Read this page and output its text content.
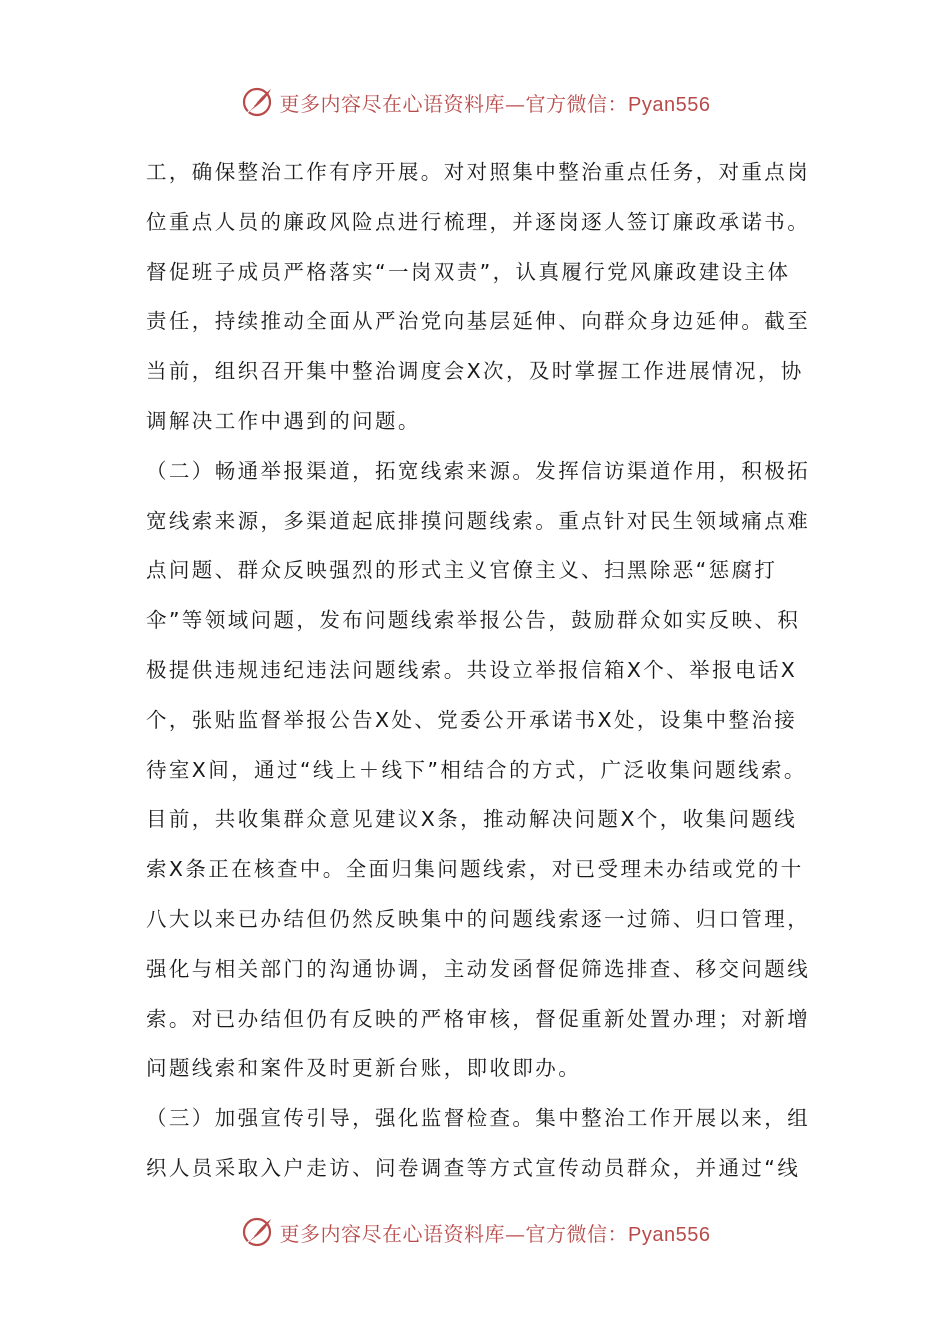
更多内容尽在心语资料库—官方微信：Pyan556
工，确保整治工作有序开展。对对照集中整治重点任务，对重点岗
位重点人员的廉政风险点进行梳理，并逐岗逐人签订廉政承诺书。
督促班子成员严格落实“一岗双责”，认真履行党风廉政建设主体
责任，持续推动全面从严治党向基层延伸、向群众身边延伸。截至
当前，组织召开集中整治调度会X次，及时掌握工作进展情况，协
调解决工作中遇到的问题。
（二）畅通举报渠道，拓宽线索来源。发挥信访渠道作用，积极拓
宽线索来源，多渠道起底排摸问题线索。重点针对民生领域痛点难
点问题、群众反映强烈的形式主义官僚主义、扫黑除恶“惩腐打
伞”等领域问题，发布问题线索举报公告，鼓励群众如实反映、积
极提供违规违纪违法问题线索。共设立举报信箱X个、举报电话X
个，张贴监督举报公告X处、党委公开承诺书X处，设集中整治接
待室X间，通过“线上＋线下”相结合的方式，广泛收集问题线索。
目前，共收集群众意见建议X条，推动解决问题X个，收集问题线
索X条正在核查中。全面归集问题线索，对已受理未办结或党的十
八大以来已办结但仍然反映集中的问题线索逐一过筛、归口管理，
强化与相关部门的沟通协调，主动发函督促筛选排查、移交问题线
索。对已办结但仍有反映的严格审核，督促重新处置办理；对新增
问题线索和案件及时更新台账，即收即办。
（三）加强宣传引导，强化监督检查。集中整治工作开展以来，组
织人员采取入户走访、问卷调查等方式宣传动员群众，并通过“线
更多内容尽在心语资料库—官方微信：Pyan556
